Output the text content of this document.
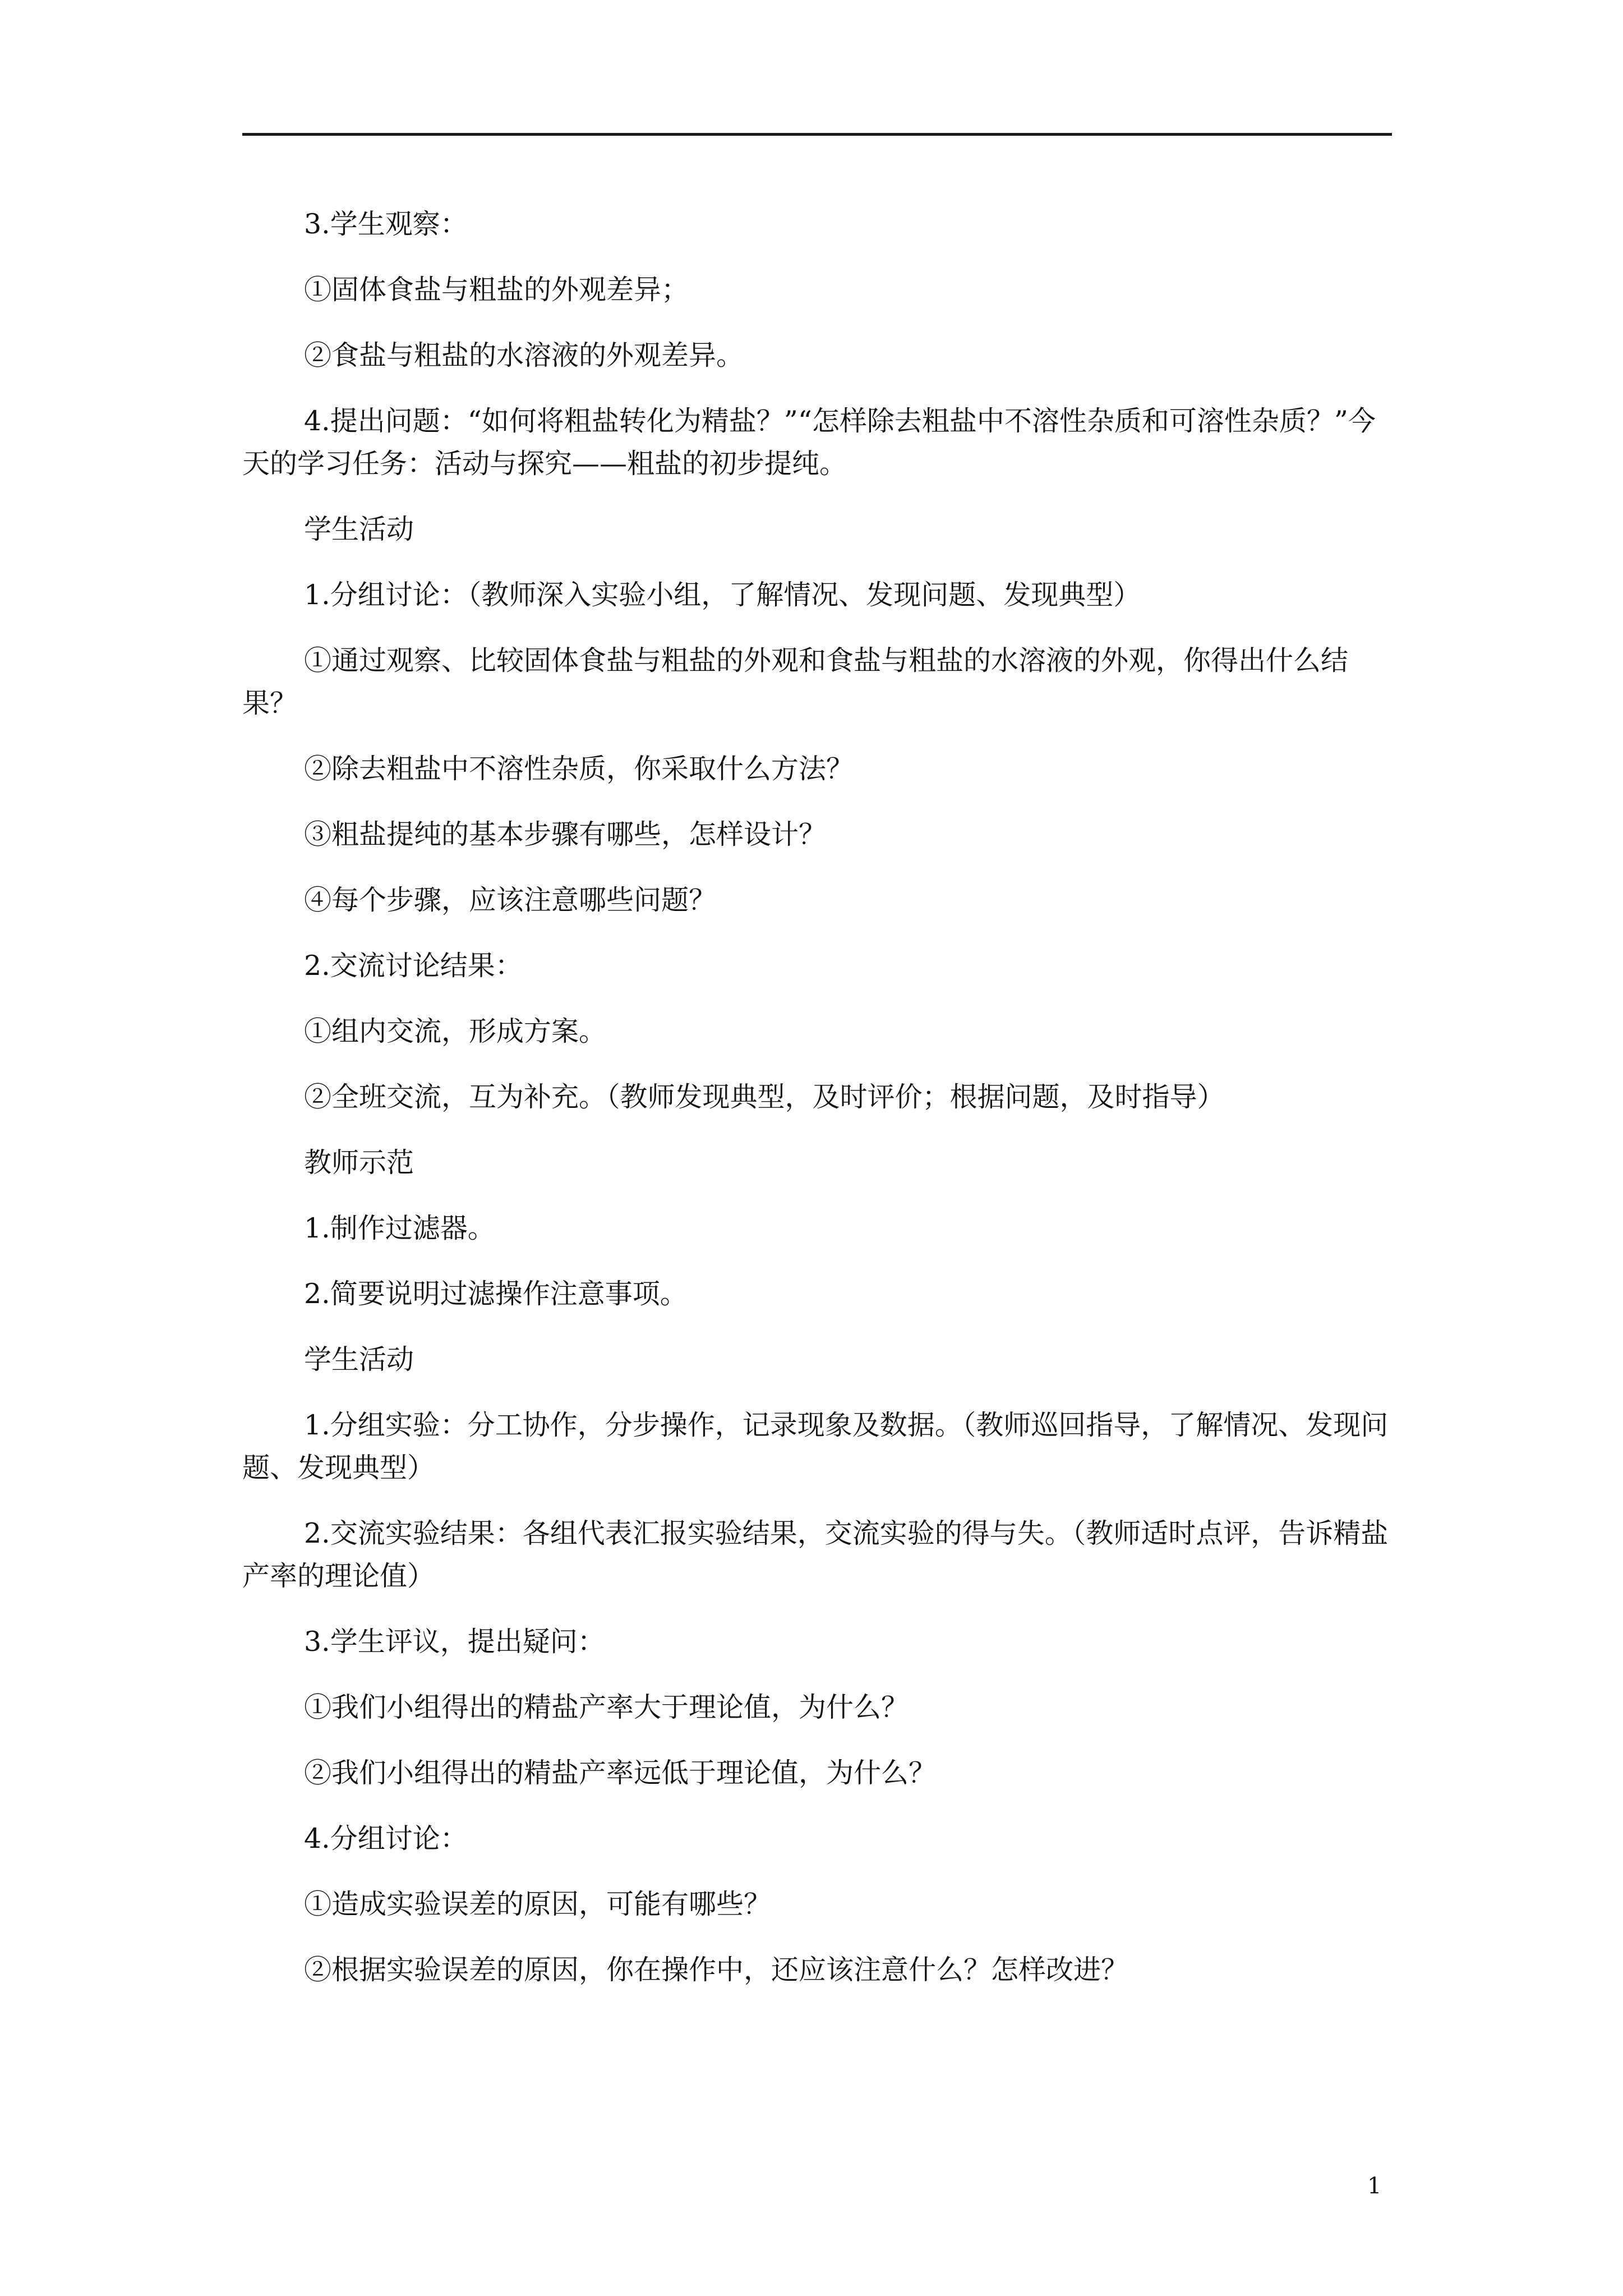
3.学生观察：

①固体食盐与粗盐的外观差异；

②食盐与粗盐的水溶液的外观差异。

4.提出问题：“如何将粗盐转化为精盐？”“怎样除去粗盐中不溶性杂质和可溶性杂质？”今天的学习任务：活动与探究——粗盐的初步提纯。

学生活动

1.分组讨论：（教师深入实验小组，了解情况、发现问题、发现典型）

①通过观察、比较固体食盐与粗盐的外观和食盐与粗盐的水溶液的外观，你得出什么结果？

②除去粗盐中不溶性杂质，你采取什么方法？

③粗盐提纯的基本步骤有哪些，怎样设计？

④每个步骤，应该注意哪些问题？

2.交流讨论结果：

①组内交流，形成方案。

②全班交流，互为补充。（教师发现典型，及时评价；根据问题，及时指导）

教师示范

1.制作过滤器。

2.简要说明过滤操作注意事项。

学生活动

1.分组实验：分工协作，分步操作，记录现象及数据。（教师巡回指导，了解情况、发现问题、发现典型）

2.交流实验结果：各组代表汇报实验结果，交流实验的得与失。（教师适时点评，告诉精盐产率的理论值）

3.学生评议，提出疑问：

①我们小组得出的精盐产率大于理论值，为什么？

②我们小组得出的精盐产率远低于理论值，为什么？

4.分组讨论：

①造成实验误差的原因，可能有哪些？

②根据实验误差的原因，你在操作中，还应该注意什么？怎样改进？

1
